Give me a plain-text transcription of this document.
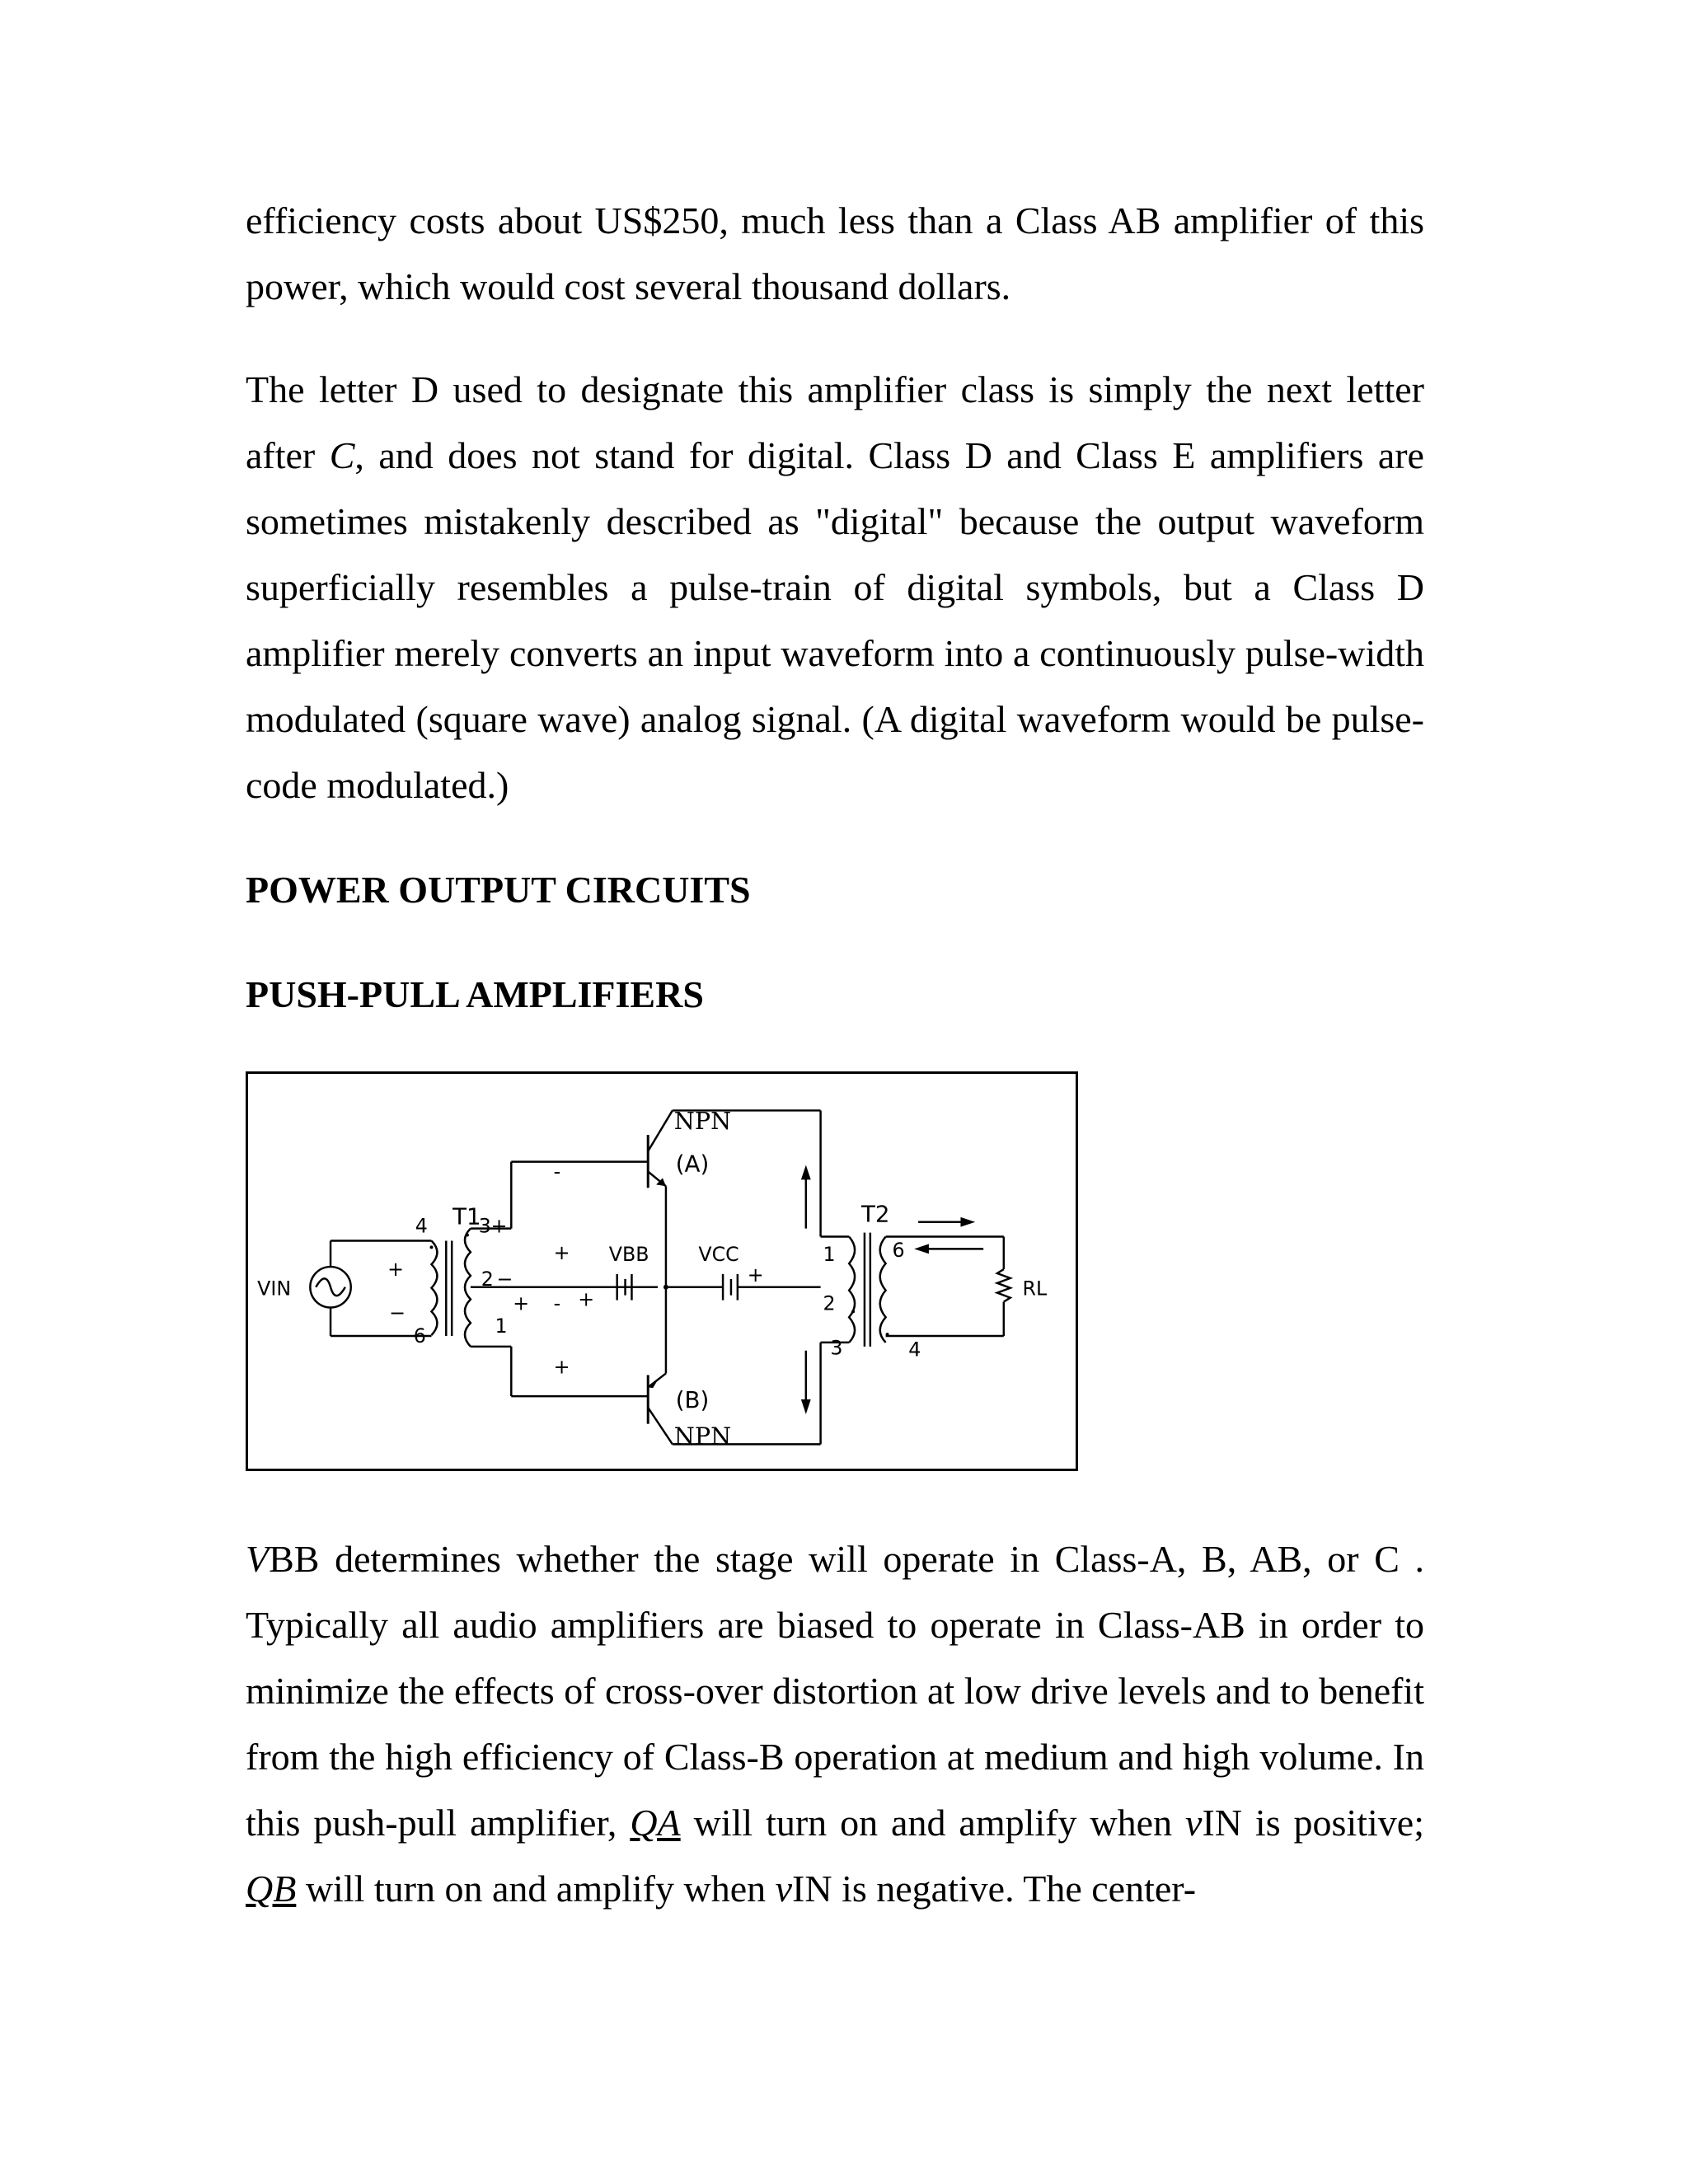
efficiency costs about US$250, much less than a Class AB amplifier of this power, which would cost several thousand dollars.

The letter D used to designate this amplifier class is simply the next letter after C, and does not stand for digital. Class D and Class E amplifiers are sometimes mistakenly described as "digital" because the output waveform superficially resembles a pulse-train of digital symbols, but a Class D amplifier merely converts an input waveform into a continuously pulse-width modulated (square wave) analog signal. (A digital waveform would be pulse-code modulated.)

POWER OUTPUT CIRCUITS
PUSH-PULL AMPLIFIERS
VIN
+
−
T1
4
6
3
2
1
+
−
+
-
+
- +
+
VBB
NPN
(A)
(B)
NPN
VCC
+
T2
1
2
3
6
4
RL

VBB determines whether the stage will operate in Class-A, B, AB, or C . Typically all audio amplifiers are biased to operate in Class-AB in order to minimize the effects of cross-over distortion at low drive levels and to benefit from the high efficiency of Class-B operation at medium and high volume. In this push-pull amplifier, QA will turn on and amplify when vIN is positive; QB will turn on and amplify when vIN is negative. The center-
